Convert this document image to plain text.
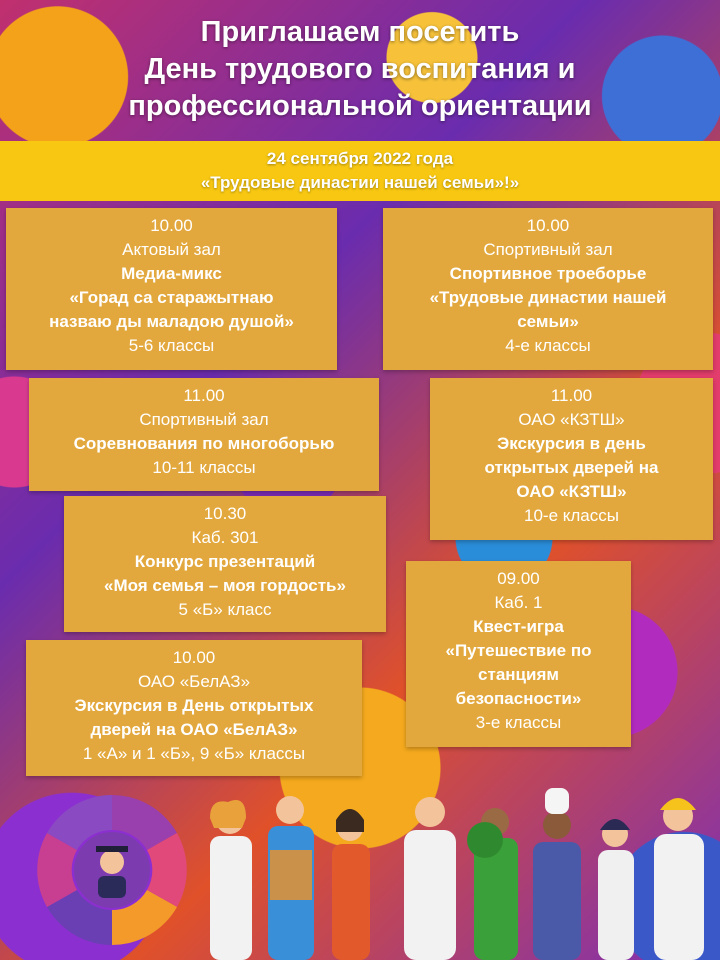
Приглашаем посетить
День трудового воспитания и
профессиональной ориентации
24 сентября 2022 года
«Трудовые династии нашей семьи»!»
10.00
Актовый зал
Медиа-микс
«Горад са старажытнаю
назваю ды маладою душой»
5-6 классы
10.00
Спортивный зал
Спортивное троеборье
«Трудовые династии нашей
семьи»
4-е классы
11.00
Спортивный зал
Соревнования по многоборью
10-11 классы
11.00
ОАО «КЗТШ»
Экскурсия в день
открытых дверей на
ОАО «КЗТШ»
10-е классы
10.30
Каб. 301
Конкурс презентаций
«Моя семья – моя гордость»
5 «Б» класс
09.00
Каб. 1
Квест-игра
«Путешествие по
станциям
безопасности»
3-е классы
10.00
ОАО «БелАЗ»
Экскурсия в День открытых
дверей на ОАО «БелАЗ»
1 «А» и 1 «Б», 9 «Б» классы
